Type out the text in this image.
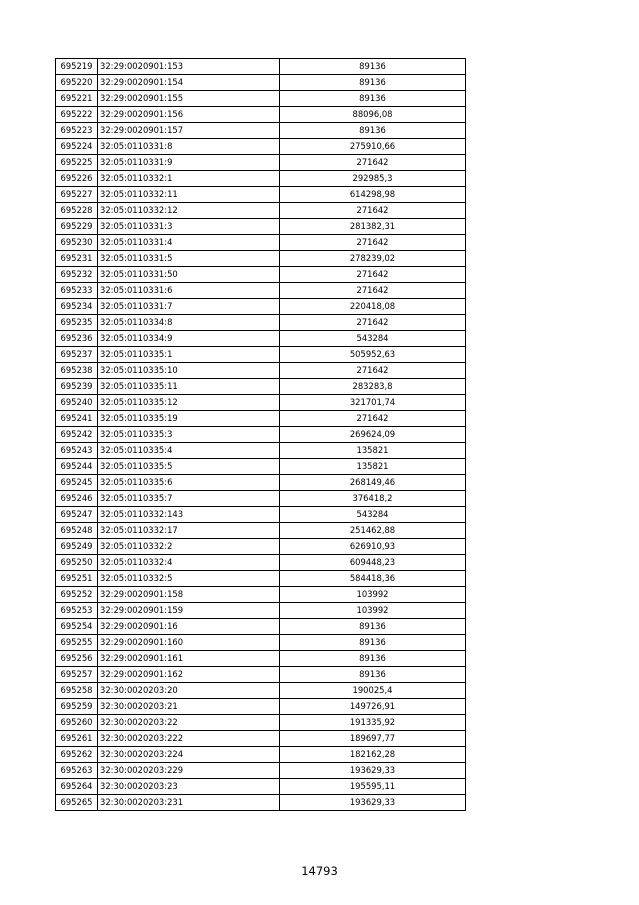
695219	32:29:0020901:153	89136
695220	32:29:0020901:154	89136
695221	32:29:0020901:155	89136
695222	32:29:0020901:156	88096,08
695223	32:29:0020901:157	89136
695224	32:05:0110331:8	275910,66
695225	32:05:0110331:9	271642
695226	32:05:0110332:1	292985,3
695227	32:05:0110332:11	614298,98
695228	32:05:0110332:12	271642
695229	32:05:0110331:3	281382,31
695230	32:05:0110331:4	271642
695231	32:05:0110331:5	278239,02
695232	32:05:0110331:50	271642
695233	32:05:0110331:6	271642
695234	32:05:0110331:7	220418,08
695235	32:05:0110334:8	271642
695236	32:05:0110334:9	543284
695237	32:05:0110335:1	505952,63
695238	32:05:0110335:10	271642
695239	32:05:0110335:11	283283,8
695240	32:05:0110335:12	321701,74
695241	32:05:0110335:19	271642
695242	32:05:0110335:3	269624,09
695243	32:05:0110335:4	135821
695244	32:05:0110335:5	135821
695245	32:05:0110335:6	268149,46
695246	32:05:0110335:7	376418,2
695247	32:05:0110332:143	543284
695248	32:05:0110332:17	251462,88
695249	32:05:0110332:2	626910,93
695250	32:05:0110332:4	609448,23
695251	32:05:0110332:5	584418,36
695252	32:29:0020901:158	103992
695253	32:29:0020901:159	103992
695254	32:29:0020901:16	89136
695255	32:29:0020901:160	89136
695256	32:29:0020901:161	89136
695257	32:29:0020901:162	89136
695258	32:30:0020203:20	190025,4
695259	32:30:0020203:21	149726,91
695260	32:30:0020203:22	191335,92
695261	32:30:0020203:222	189697,77
695262	32:30:0020203:224	182162,28
695263	32:30:0020203:229	193629,33
695264	32:30:0020203:23	195595,11
695265	32:30:0020203:231	193629,33
14793
